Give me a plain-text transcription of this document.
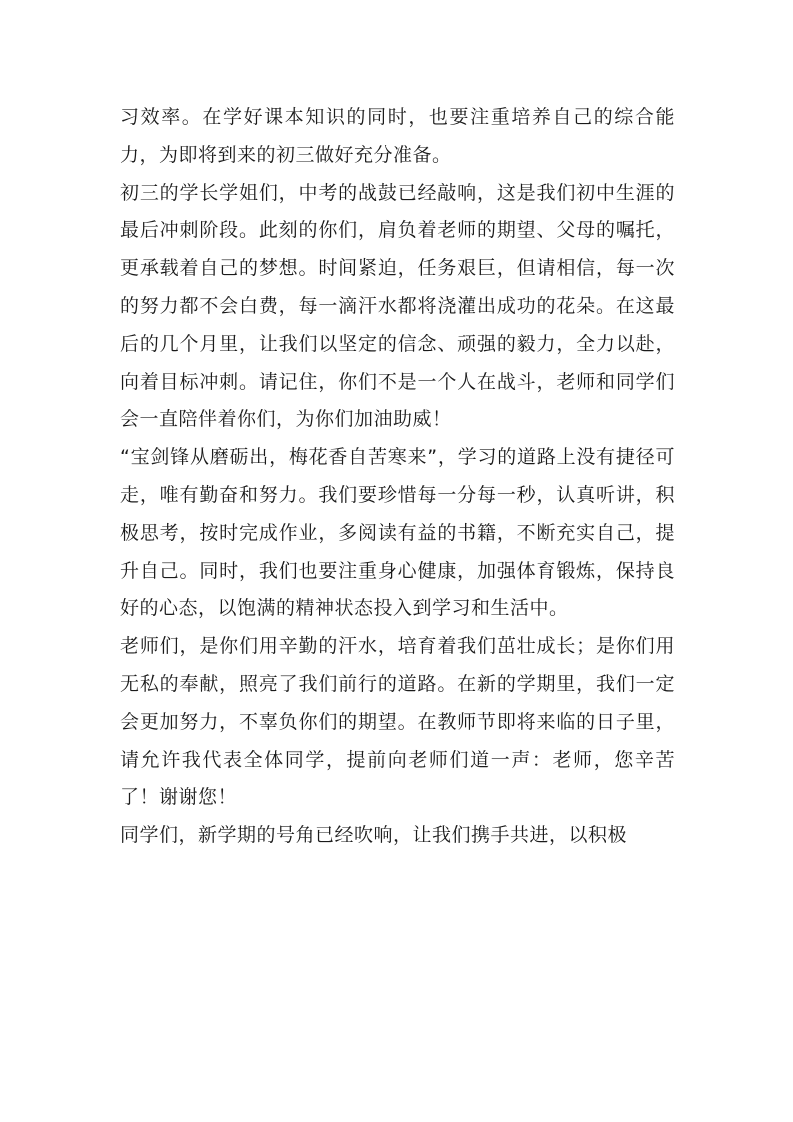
习效率。在学好课本知识的同时，也要注重培养自己的综合能力，为即将到来的初三做好充分准备。

初三的学长学姐们，中考的战鼓已经敲响，这是我们初中生涯的最后冲刺阶段。此刻的你们，肩负着老师的期望、父母的嘱托，更承载着自己的梦想。时间紧迫，任务艰巨，但请相信，每一次的努力都不会白费，每一滴汗水都将浇灌出成功的花朵。在这最后的几个月里，让我们以坚定的信念、顽强的毅力，全力以赴，向着目标冲刺。请记住，你们不是一个人在战斗，老师和同学们会一直陪伴着你们，为你们加油助威！

“宝剑锋从磨砺出，梅花香自苦寒来”，学习的道路上没有捷径可走，唯有勤奋和努力。我们要珍惜每一分每一秒，认真听讲，积极思考，按时完成作业，多阅读有益的书籍，不断充实自己，提升自己。同时，我们也要注重身心健康，加强体育锻炼，保持良好的心态，以饱满的精神状态投入到学习和生活中。

老师们，是你们用辛勤的汗水，培育着我们茁壮成长；是你们用无私的奉献，照亮了我们前行的道路。在新的学期里，我们一定会更加努力，不辜负你们的期望。在教师节即将来临的日子里，请允许我代表全体同学，提前向老师们道一声：老师，您辛苦了！谢谢您！

同学们，新学期的号角已经吹响，让我们携手共进，以积极
